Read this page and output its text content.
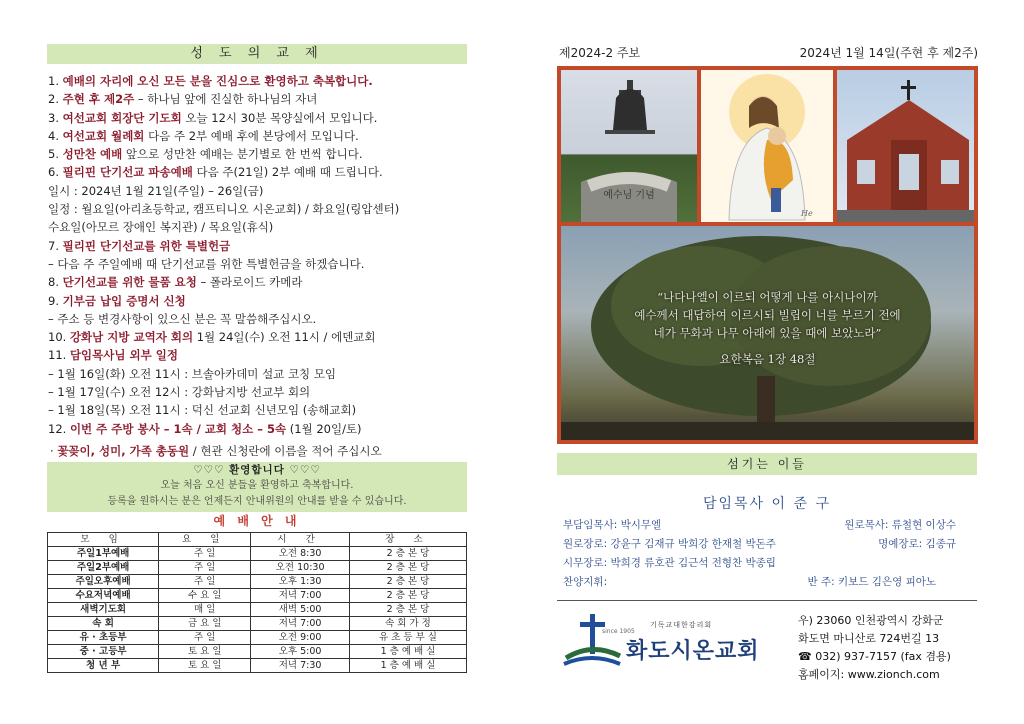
성 도 의 교 제
1. 예배의 자리에 오신 모든 분을 진심으로 환영하고 축복합니다.
2. 주현 후 제2주 – 하나님 앞에 진실한 하나님의 자녀
3. 여선교회 회장단 기도회 오늘 12시 30분 목양실에서 모입니다.
4. 여선교회 월례회 다음 주 2부 예배 후에 본당에서 모입니다.
5. 성만찬 예배 앞으로 성만찬 예배는 분기별로 한 번씩 합니다.
6. 필리핀 단기선교 파송예배 다음 주(21일) 2부 예배 때 드립니다.
일시 : 2024년 1월 21일(주일) – 26일(금)
일정 : 월요일(아리초등학교, 캠프티니오 시온교회) / 화요일(링압센터)
수요일(아모르 장애인 복지관) / 목요일(휴식)
7. 필리핀 단기선교를 위한 특별헌금
– 다음 주 주일예배 때 단기선교를 위한 특별헌금을 하겠습니다.
8. 단기선교를 위한 물품 요청 – 폴라로이드 카메라
9. 기부금 납입 증명서 신청
– 주소 등 변경사항이 있으신 분은 꼭 말씀해주십시오.
10. 강화남 지방 교역자 회의 1월 24일(수) 오전 11시 / 에덴교회
11. 담임목사님 외부 일정
– 1월 16일(화) 오전 11시 : 브솔아카데미 설교 코칭 모임
– 1월 17일(수) 오전 12시 : 강화남지방 선교부 회의
– 1월 18일(목) 오전 11시 : 덕신 선교회 신년모임 (송해교회)
12. 이번 주 주방 봉사 – 1속 / 교회 청소 – 5속 (1월 20일/토)
· 꽃꽂이, 성미, 가족 총동원 / 현관 신청란에 이름을 적어 주십시오
♡♡♡ 환영합니다 ♡♡♡
오늘 처음 오신 분들을 환영하고 축복합니다.
등록을 원하시는 분은 언제든지 안내위원의 안내를 받을 수 있습니다.
예 배 안 내
모 임	요 일	시 간	장 소
주일1부예배	주 일	오전 8:30	2 층 본 당
주일2부예배	주 일	오전 10:30	2 층 본 당
주일오후예배	주 일	오후 1:30	2 층 본 당
수요저녁예배	수 요 일	저녁 7:00	2 층 본 당
새벽기도회	매 일	새벽 5:00	2 층 본 당
속 회	금 요 일	저녁 7:00	속 회 가 정
유 · 초등부	주 일	오전 9:00	유 초 등 부 실
중 · 고등부	토 요 일	오후 5:00	1 층 예 배 실
청 년 부	토 요 일	저녁 7:30	1 층 예 배 실
제2024-2 주보	2024년 1월 14일(주현 후 제2주)
예수님 기념
He
“나다나엘이 이르되 어떻게 나를 아시나이까
예수께서 대답하여 이르시되 빌립이 너를 부르기 전에
네가 무화과 나무 아래에 있을 때에 보았노라”
요한복음 1장 48절
섬기는 이들
담임목사 이 준 구
부담임목사: 박시무엘	원로목사: 류철현 이상수
원로장로: 강윤구 김재규 박희강 한재철 박돈주	명예장로: 김종규
시무장로: 박희경 류호관 김근석 전형찬 박종립
찬양지휘:	반 주: 키보드 김은영 피아노
since 1905
기독교대한감리회
화도시온교회
우) 23060 인천광역시 강화군
화도면 마니산로 724번길 13
☎ 032) 937-7157 (fax 겸용)
홈페이지: www.zionch.com
